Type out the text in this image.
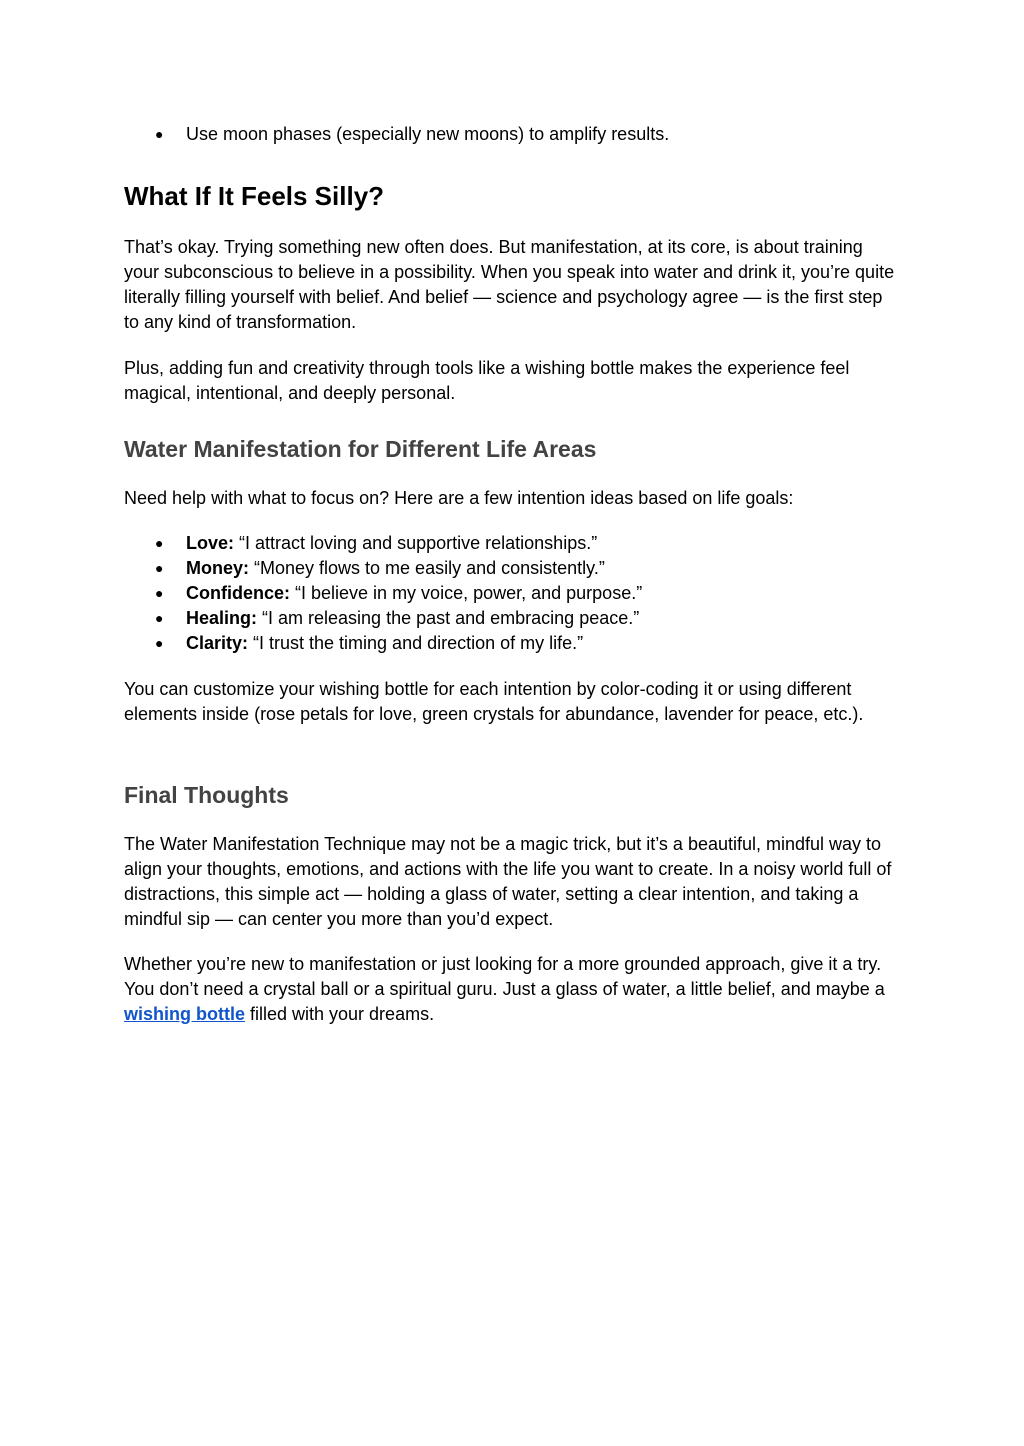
● Use moon phases (especially new moons) to amplify results.
What If It Feels Silly?

That’s okay. Trying something new often does. But manifestation, at its core, is about training your subconscious to believe in a possibility. When you speak into water and drink it, you’re quite literally filling yourself with belief. And belief — science and psychology agree — is the first step to any kind of transformation.

Plus, adding fun and creativity through tools like a wishing bottle makes the experience feel magical, intentional, and deeply personal.

Water Manifestation for Different Life Areas

Need help with what to focus on? Here are a few intention ideas based on life goals:

● Love: “I attract loving and supportive relationships.”
● Money: “Money flows to me easily and consistently.”
● Confidence: “I believe in my voice, power, and purpose.”
● Healing: “I am releasing the past and embracing peace.”
● Clarity: “I trust the timing and direction of my life.”

You can customize your wishing bottle for each intention by color-coding it or using different elements inside (rose petals for love, green crystals for abundance, lavender for peace, etc.).

Final Thoughts

The Water Manifestation Technique may not be a magic trick, but it’s a beautiful, mindful way to align your thoughts, emotions, and actions with the life you want to create. In a noisy world full of distractions, this simple act — holding a glass of water, setting a clear intention, and taking a mindful sip — can center you more than you’d expect.

Whether you’re new to manifestation or just looking for a more grounded approach, give it a try. You don’t need a crystal ball or a spiritual guru. Just a glass of water, a little belief, and maybe a wishing bottle filled with your dreams.
